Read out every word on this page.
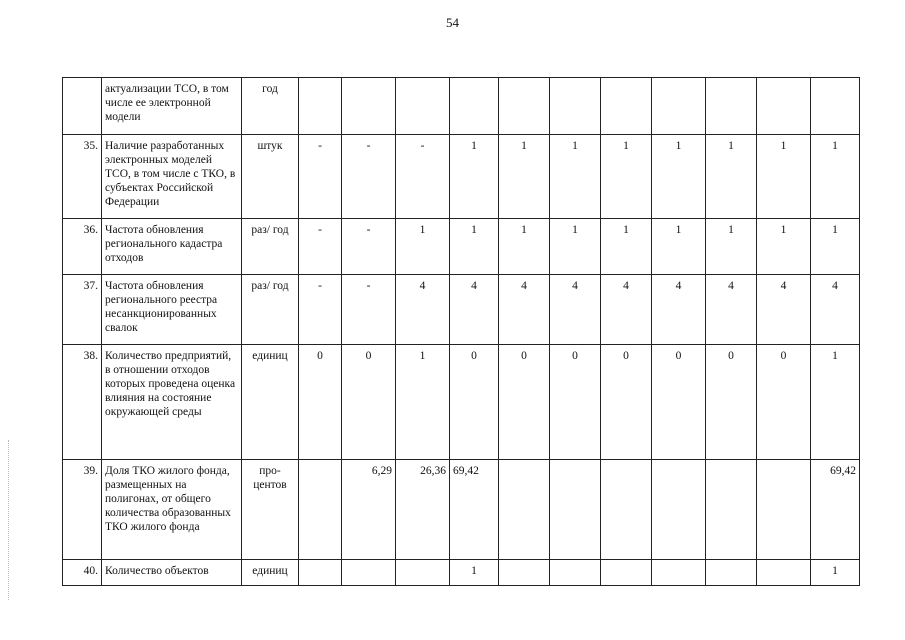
54
	актуализации ТСО, в том числе ее электронной модели	год											
35.	Наличие разработанных электронных моделей ТСО, в том числе с ТКО, в субъектах Российской Федерации	штук	-	-	-	1	1	1	1	1	1	1	1
36.	Частота обновления регионального кадастра отходов	раз/ год	-	-	1	1	1	1	1	1	1	1	1
37.	Частота обновления регионального реестра несанкционированных свалок	раз/ год	-	-	4	4	4	4	4	4	4	4	4
38.	Количество предприятий, в отношении отходов которых проведена оценка влияния на состояние окружающей среды	единиц	0	0	1	0	0	0	0	0	0	0	1
39.	Доля ТКО жилого фонда, размещенных на полигонах, от общего количества образованных ТКО жилого фонда	про- центов		6,29	26,36	69,42							69,42
40.	Количество объектов	единиц				1							1
